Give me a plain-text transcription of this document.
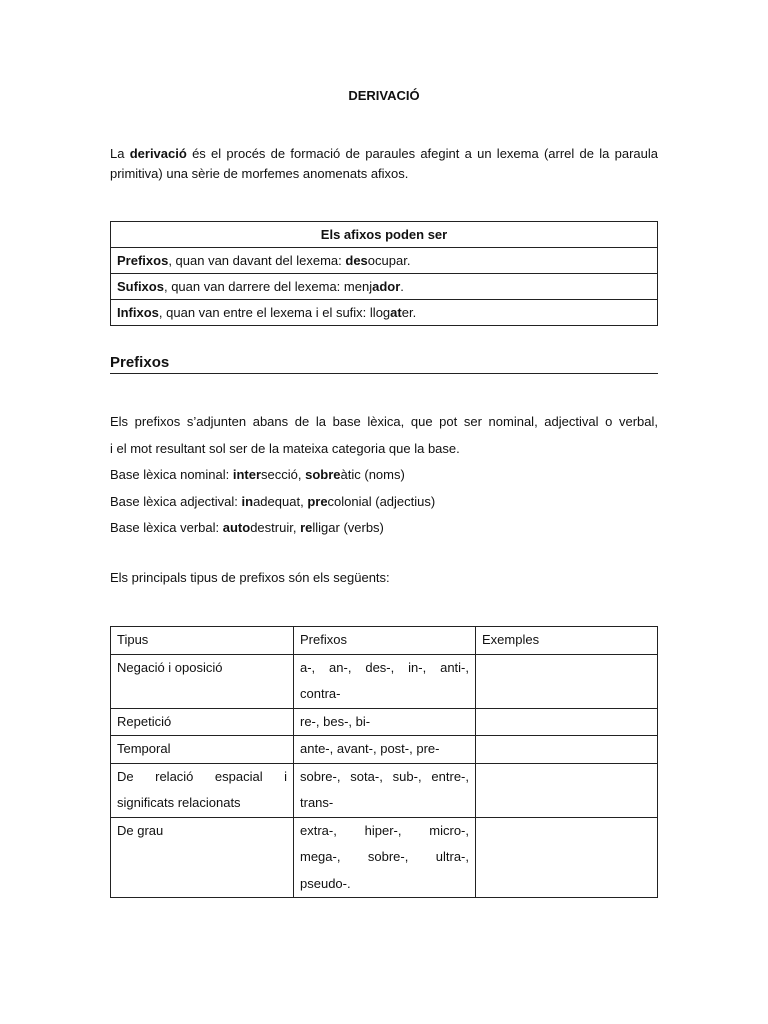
DERIVACIÓ

La derivació és el procés de formació de paraules afegint a un lexema (arrel de la paraula primitiva) una sèrie de morfemes anomenats afixos.

Els afixos poden ser
Prefixos, quan van davant del lexema: desocupar.
Sufixos, quan van darrere del lexema: menjador.
Infixos, quan van entre el lexema i el sufix: llogater.
Prefixos

Els prefixos s’adjunten abans de la base lèxica, que pot ser nominal, adjectival o verbal,

i el mot resultant sol ser de la mateixa categoria que la base.

Base lèxica nominal: intersecció, sobreàtic (noms)

Base lèxica adjectival: inadequat, precolonial (adjectius)

Base lèxica verbal: autodestruir, relligar (verbs)

Els principals tipus de prefixos són els següents:

Tipus	Prefixos	Exemples
Negació i oposició	a-, an-, des-, in-, anti-,
contra-	
Repetició	re-, bes-, bi-	
Temporal	ante-, avant-, post-, pre-	

De relació espacial i
significats relacionats	sobre-, sota-, sub-, entre-,
trans-	
De grau	extra-, hiper-, micro-,
mega-, sobre-, ultra-,
pseudo-.	
